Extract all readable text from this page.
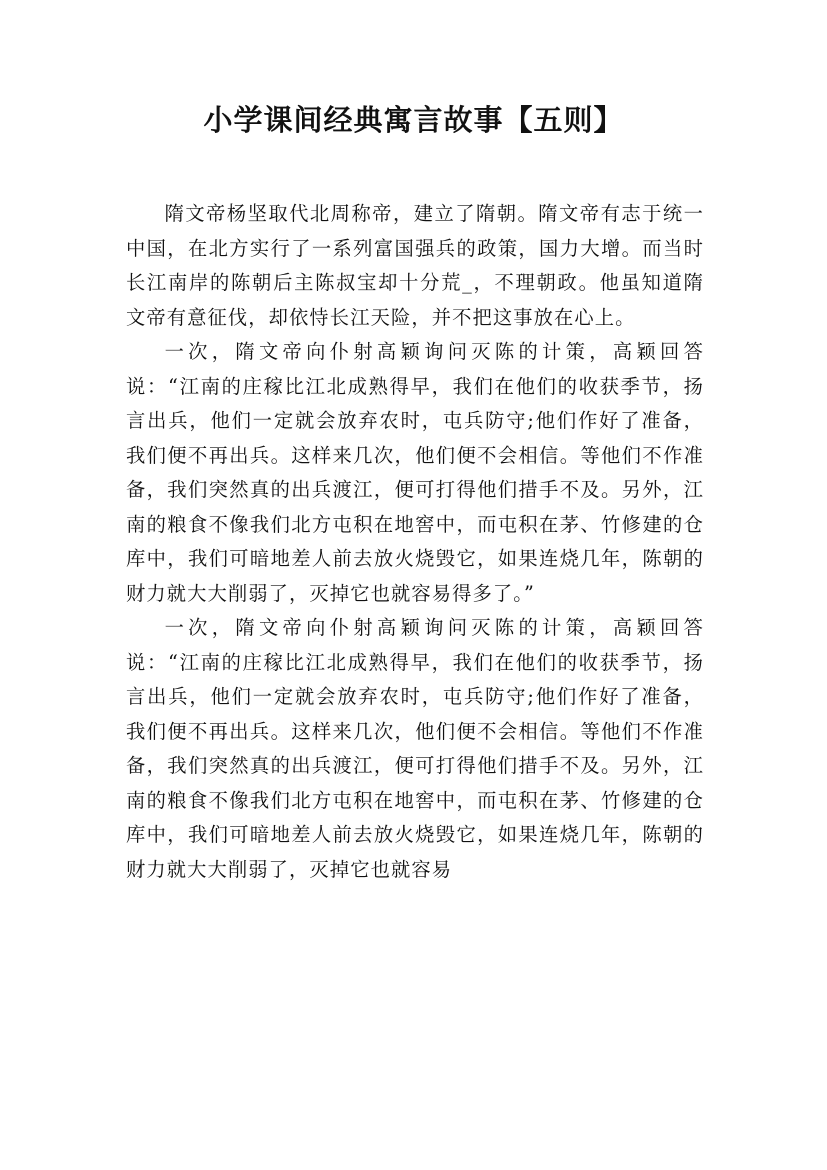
小学课间经典寓言故事【五则】

隋文帝杨坚取代北周称帝，建立了隋朝。隋文帝有志于统一中国，在北方实行了一系列富国强兵的政策，国力大增。而当时长江南岸的陈朝后主陈叔宝却十分荒_，不理朝政。他虽知道隋文帝有意征伐，却依恃长江天险，并不把这事放在心上。

一次，隋文帝向仆射高颖询问灭陈的计策，高颖回答说：“江南的庄稼比江北成熟得早，我们在他们的收获季节，扬言出兵，他们一定就会放弃农时，屯兵防守;他们作好了准备，我们便不再出兵。这样来几次，他们便不会相信。等他们不作准备，我们突然真的出兵渡江，便可打得他们措手不及。另外，江南的粮食不像我们北方屯积在地窖中，而屯积在茅、竹修建的仓库中，我们可暗地差人前去放火烧毁它，如果连烧几年，陈朝的财力就大大削弱了，灭掉它也就容易得多了。”

一次，隋文帝向仆射高颖询问灭陈的计策，高颖回答说：“江南的庄稼比江北成熟得早，我们在他们的收获季节，扬言出兵，他们一定就会放弃农时，屯兵防守;他们作好了准备，我们便不再出兵。这样来几次，他们便不会相信。等他们不作准备，我们突然真的出兵渡江，便可打得他们措手不及。另外，江南的粮食不像我们北方屯积在地窖中，而屯积在茅、竹修建的仓库中，我们可暗地差人前去放火烧毁它，如果连烧几年，陈朝的财力就大大削弱了，灭掉它也就容易
